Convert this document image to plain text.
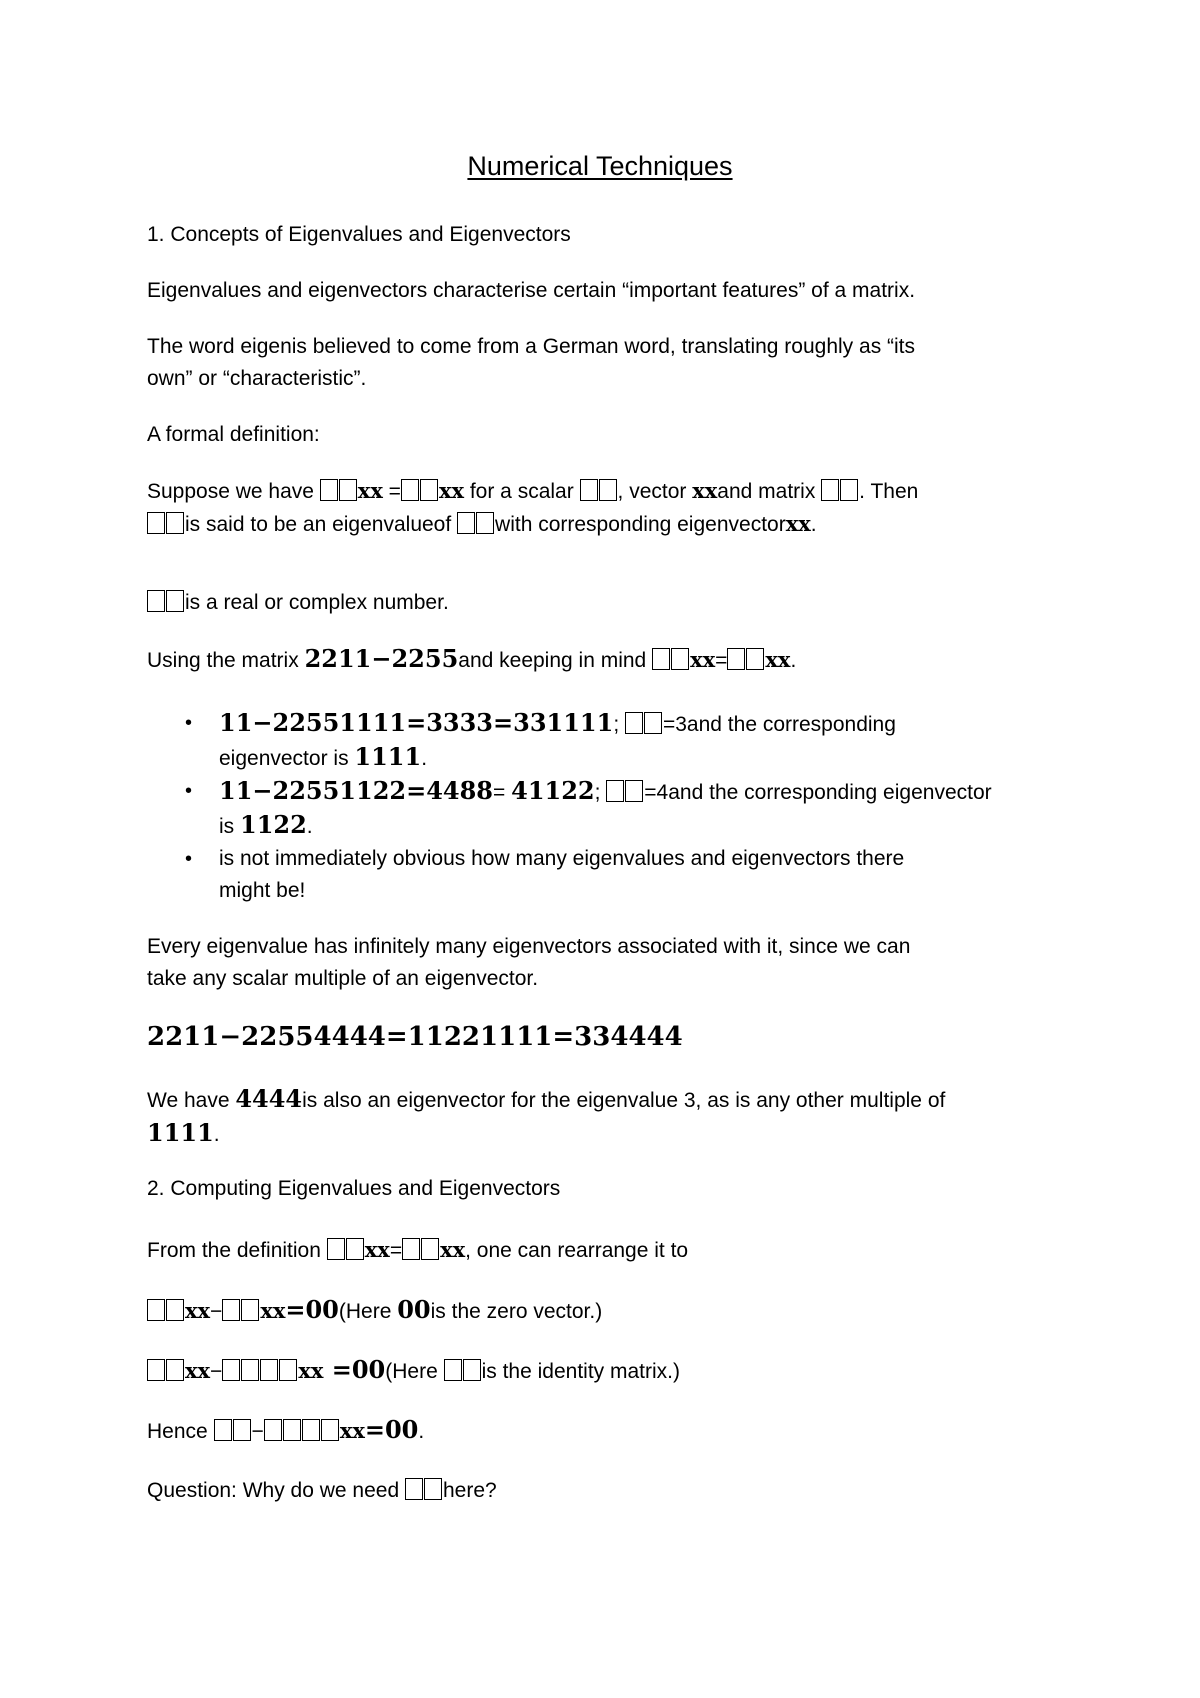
Numerical Techniques
1. Concepts of Eigenvalues and Eigenvectors
Eigenvalues and eigenvectors characterise certain “important features” of a matrix.
The word eigenis believed to come from a German word, translating roughly as “its
own” or “characteristic”.
A formal definition:
Suppose we have xx = xx for a scalar , vector xxand matrix . Then
is said to be an eigenvalueof with corresponding eigenvectorxx.
is a real or complex number.
Using the matrix 2211−2255and keeping in mind xx= xx.
• 11−22551111=3333=331111; =3and the corresponding
eigenvector is 1111.
• 11−22551122=4488= 41122; =4and the corresponding eigenvector
is 1122.
• is not immediately obvious how many eigenvalues and eigenvectors there
might be!
Every eigenvalue has infinitely many eigenvectors associated with it, since we can
take any scalar multiple of an eigenvector.
2211−22554444=11221111=334444
We have 4444is also an eigenvector for the eigenvalue 3, as is any other multiple of
1111.
2. Computing Eigenvalues and Eigenvectors
From the definition xx= xx, one can rearrange it to
xx− xx=00(Here 00is the zero vector.)
xx−	xx =00(Here is the identity matrix.)
Hence −	xx=00.
Question: Why do we need here?
